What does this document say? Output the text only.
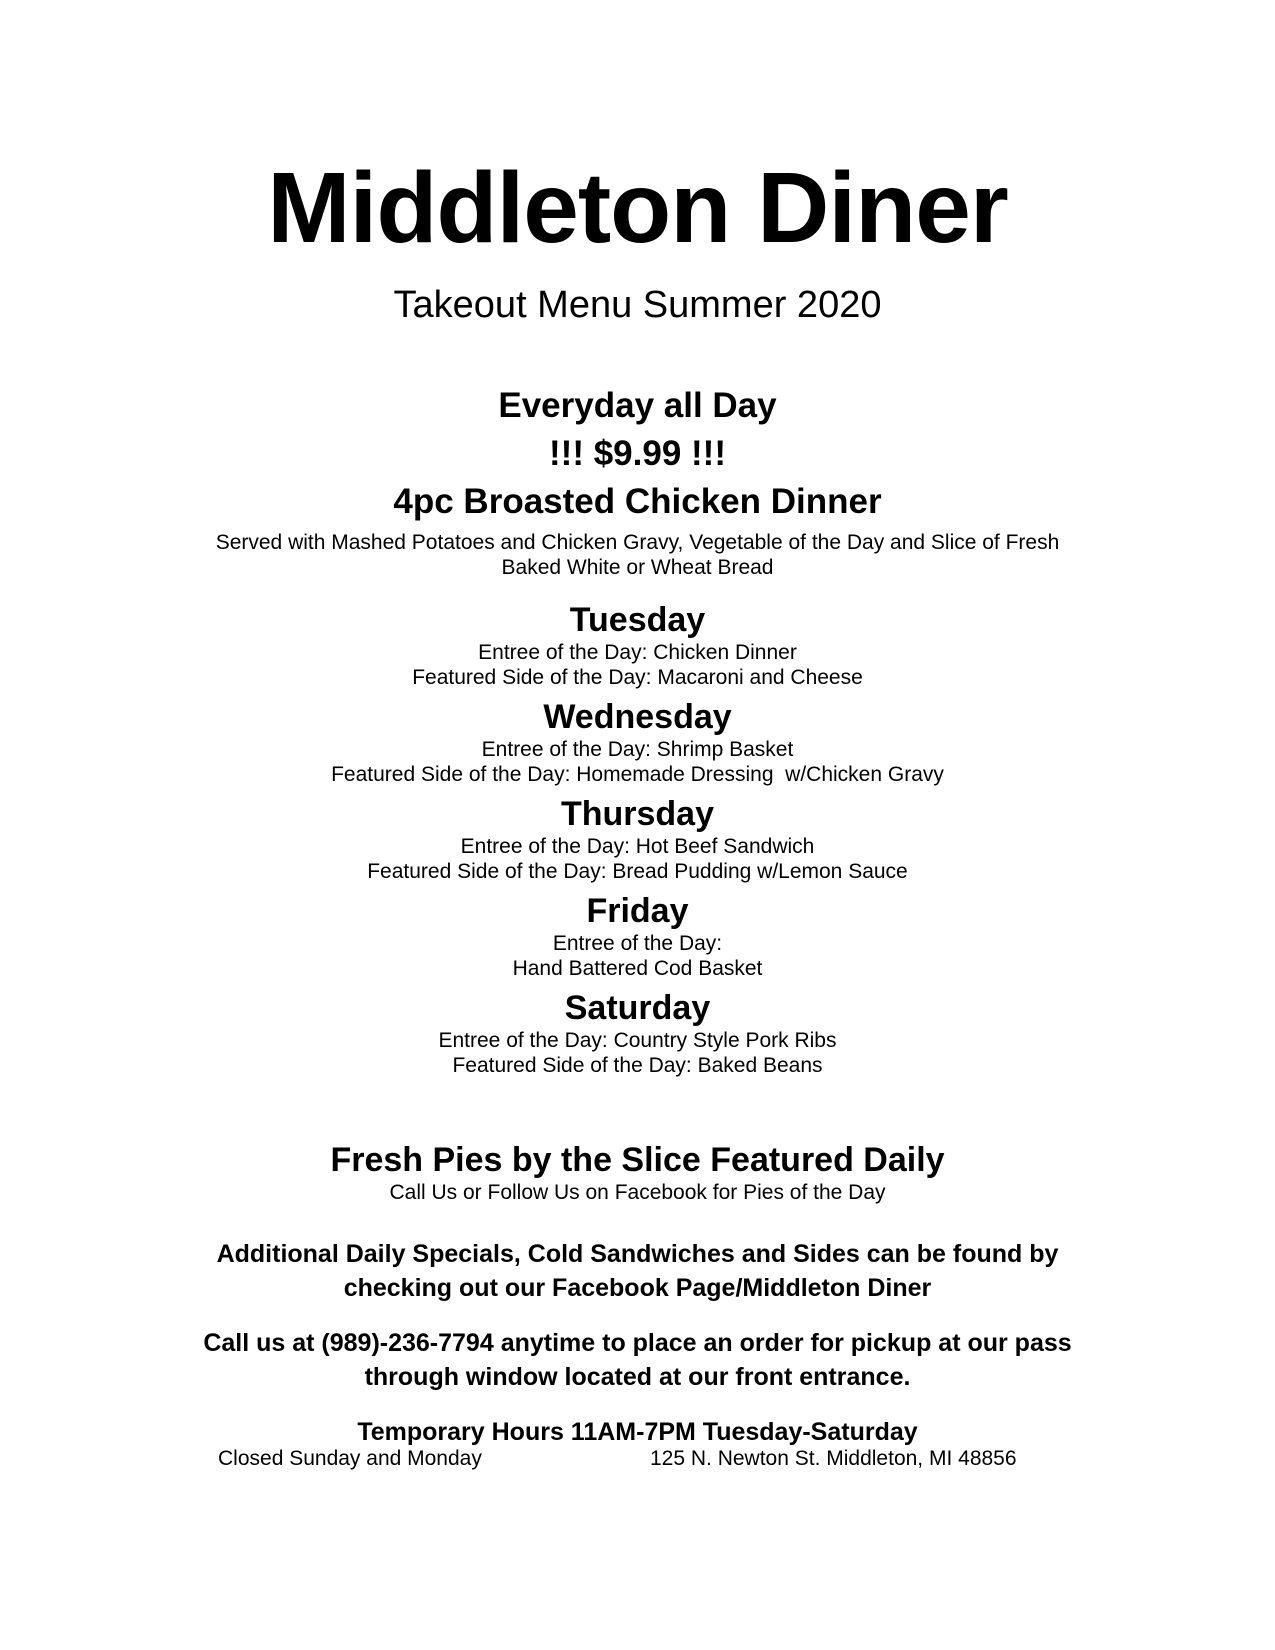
Middleton Diner

Takeout Menu Summer 2020

Everyday all Day

!!! $9.99 !!!

4pc Broasted Chicken Dinner

Served with Mashed Potatoes and Chicken Gravy, Vegetable of the Day and Slice of Fresh
Baked White or Wheat Bread

Tuesday

Entree of the Day: Chicken Dinner

Featured Side of the Day: Macaroni and Cheese

Wednesday

Entree of the Day: Shrimp Basket

Featured Side of the Day: Homemade Dressing  w/Chicken Gravy

Thursday

Entree of the Day: Hot Beef Sandwich

Featured Side of the Day: Bread Pudding w/Lemon Sauce

Friday

Entree of the Day:

Hand Battered Cod Basket

Saturday

Entree of the Day: Country Style Pork Ribs

Featured Side of the Day: Baked Beans

Fresh Pies by the Slice Featured Daily

Call Us or Follow Us on Facebook for Pies of the Day

Additional Daily Specials, Cold Sandwiches and Sides can be found by
checking out our Facebook Page/Middleton Diner
Call us at (989)-236-7794 anytime to place an order for pickup at our pass
through window located at our front entrance.

Temporary Hours 11AM-7PM Tuesday-Saturday

Closed Sunday and Monday	125 N. Newton St. Middleton, MI 48856
